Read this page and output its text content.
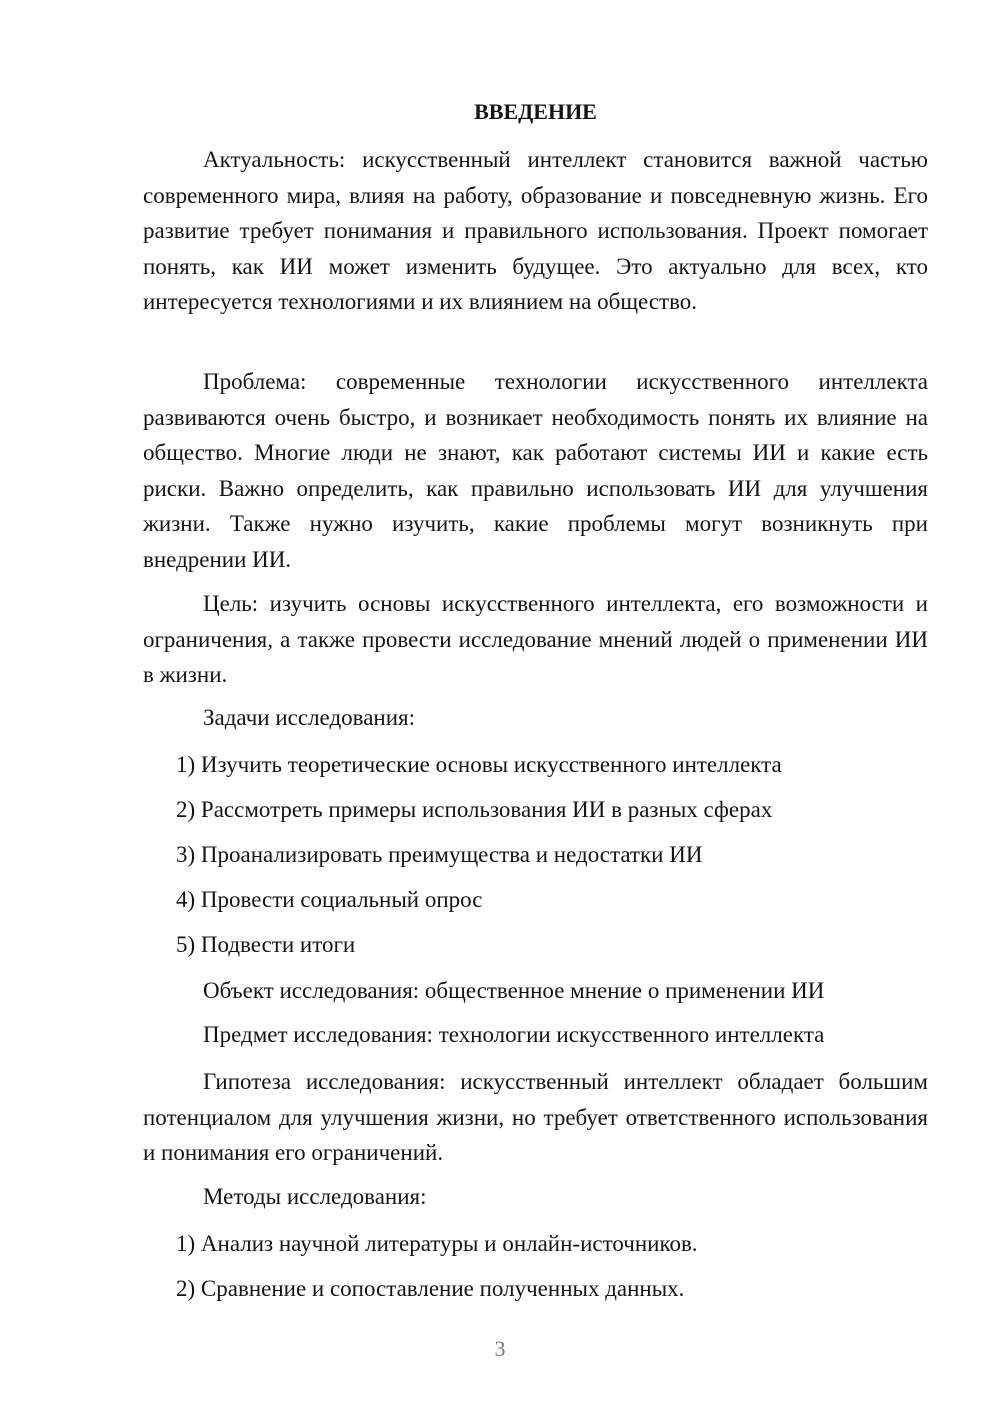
ВВЕДЕНИЕ

Актуальность: искусственный интеллект становится важной частью современного мира, влияя на работу, образование и повседневную жизнь. Его развитие требует понимания и правильного использования. Проект помогает понять, как ИИ может изменить будущее. Это актуально для всех, кто интересуется технологиями и их влиянием на общество.

Проблема: современные технологии искусственного интеллекта развиваются очень быстро, и возникает необходимость понять их влияние на общество. Многие люди не знают, как работают системы ИИ и какие есть риски. Важно определить, как правильно использовать ИИ для улучшения жизни. Также нужно изучить, какие проблемы могут возникнуть при внедрении ИИ.

Цель: изучить основы искусственного интеллекта, его возможности и ограничения, а также провести исследование мнений людей о применении ИИ в жизни.

Задачи исследования:

1) Изучить теоретические основы искусственного интеллекта

2) Рассмотреть примеры использования ИИ в разных сферах

3) Проанализировать преимущества и недостатки ИИ

4) Провести социальный опрос

5) Подвести итоги

Объект исследования: общественное мнение о применении ИИ

Предмет исследования: технологии искусственного интеллекта

Гипотеза исследования: искусственный интеллект обладает большим потенциалом для улучшения жизни, но требует ответственного использования и понимания его ограничений.

Методы исследования:

1) Анализ научной литературы и онлайн-источников.

2) Сравнение и сопоставление полученных данных.

3
